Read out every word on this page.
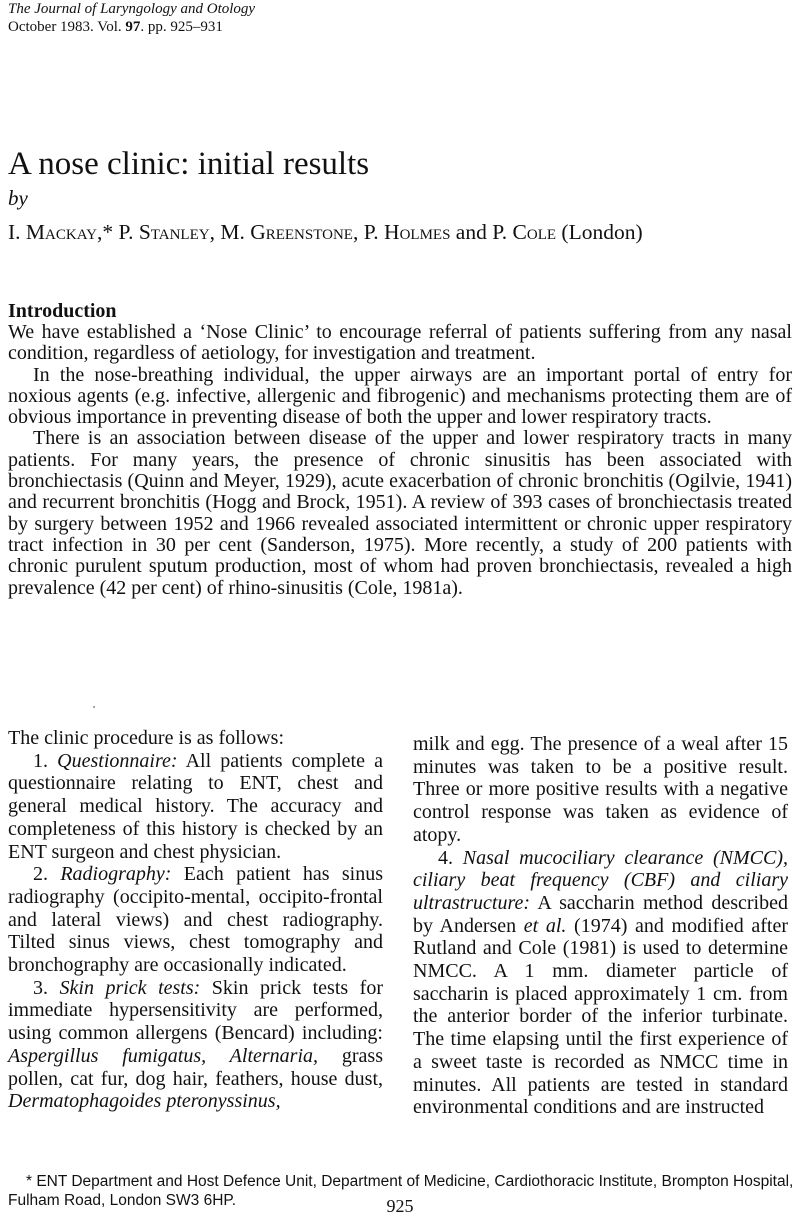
The Journal of Laryngology and Otology
October 1983. Vol. 97. pp. 925–931
A nose clinic: initial results
by
I. Mackay,* P. Stanley, M. Greenstone, P. Holmes and P. Cole (London)
Introduction

We have established a ‘Nose Clinic’ to encourage referral of patients suffering from any nasal condition, regardless of aetiology, for investigation and treatment.

In the nose-breathing individual, the upper airways are an important portal of entry for noxious agents (e.g. infective, allergenic and fibrogenic) and mechanisms protecting them are of obvious importance in preventing disease of both the upper and lower respiratory tracts.

There is an association between disease of the upper and lower respiratory tracts in many patients. For many years, the presence of chronic sinusitis has been associated with bronchiectasis (Quinn and Meyer, 1929), acute exacerbation of chronic bronchitis (Ogilvie, 1941) and recurrent bronchitis (Hogg and Brock, 1951). A review of 393 cases of bronchiectasis treated by surgery between 1952 and 1966 revealed associated intermittent or chronic upper respiratory tract infection in 30 per cent (Sanderson, 1975). More recently, a study of 200 patients with chronic purulent sputum production, most of whom had proven bronchiectasis, revealed a high prevalence (42 per cent) of rhino-sinusitis (Cole, 1981a).

The clinic procedure is as follows:

1. Questionnaire: All patients complete a questionnaire relating to ENT, chest and general medical history. The accuracy and completeness of this history is checked by an ENT surgeon and chest physician.

2. Radiography: Each patient has sinus radiography (occipito-mental, occipito-frontal and lateral views) and chest radiography. Tilted sinus views, chest tomography and bronchography are occasionally indicated.

3. Skin prick tests: Skin prick tests for immediate hypersensitivity are performed, using common allergens (Bencard) including: Aspergillus fumigatus, Alternaria, grass pollen, cat fur, dog hair, feathers, house dust, Dermatophagoides pteronyssinus,

milk and egg. The presence of a weal after 15 minutes was taken to be a positive result. Three or more positive results with a negative control response was taken as evidence of atopy.

4. Nasal mucociliary clearance (NMCC), ciliary beat frequency (CBF) and ciliary ultrastructure: A saccharin method described by Andersen et al. (1974) and modified after Rutland and Cole (1981) is used to determine NMCC. A 1 mm. diameter particle of saccharin is placed approximately 1 cm. from the anterior border of the inferior turbinate. The time elapsing until the first experience of a sweet taste is recorded as NMCC time in minutes. All patients are tested in standard environmental conditions and are instructed

* ENT Department and Host Defence Unit, Department of Medicine, Cardiothoracic Institute, Brompton Hospital, Fulham Road, London SW3 6HP.	925
